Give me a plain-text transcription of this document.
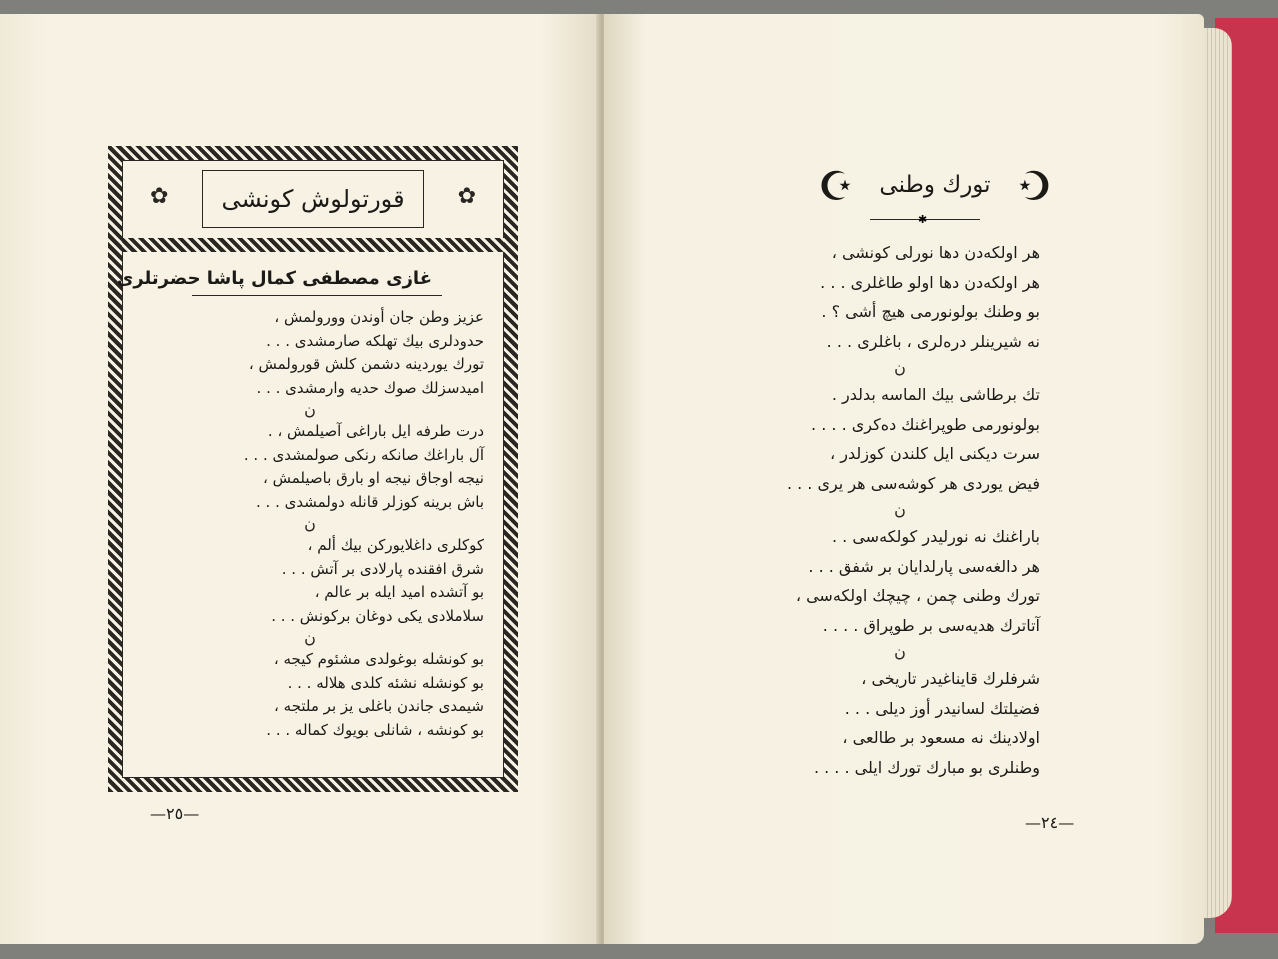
✿ قورتولوش كونشی ✿
غازی مصطفی كمال پاشا حضرتلری
عزيز وطن جان أوندن وورولمش ،
حدودلری بيك تهلكه صارمشدی . . .
تورك يوردينه دشمن كلش قورولمش ،
اميدسزلك صوك حديه وارمشدی . . .
ن
درت طرفه ايل باراغی آصيلمش ، .
آل باراغك صانكه رنكی صولمشدی . . .
نيجه اوجاق نيجه او بارق باصيلمش ،
باش برينه كوزلر قانله دولمشدی . . .
ن
كوكلری داغلايوركن بيك ألم ،
شرق افقنده پارلادی بر آتش . . .
بو آتشده اميد ايله بر عالم ،
سلاملادی يكی دوغان بركونش . . .
ن
بو كونشله بوغولدی مشئوم كيجه ،
بو كونشله نشئه كلدی هلاله . . .
شيمدی جاندن باغلی يز بر ملتجه ،
بو كونشه ، شانلی بويوك كماله . . .
—٢٥—
☪	تورك وطنی ☪
✱
هر اولكه‌دن دها نورلی كونشی ،
هر اولكه‌دن دها اولو طاغلری . . .
بو وطنك بولونورمی هيچ أشی ؟ .
نه شيرينلر درەلری ، باغلری . . .
ن
تك برطاشی بيك الماسه بدلدر .
بولونورمی طوپراغنك دەكری . . . .
سرت ديكنی ايل كلندن كوزلدر ،
فيض يوردی هر كوشه‌سی هر يری . . .
ن
باراغنك نه نورليدر كولكه‌سی . .
هر دالغەسی پارلدايان بر شفق . . .
تورك وطنی چمن ، چيچك اولكه‌سی ،
آتاترك هديه‌سی بر طوپراق . . . .
ن
شرفلرك قايناغيدر تاريخی ،
فضيلتك لسانيدر أوز ديلی . . .
اولادينك نه مسعود بر طالعی ،
وطنلری بو مبارك تورك ايلی . . . .
—٢٤—
